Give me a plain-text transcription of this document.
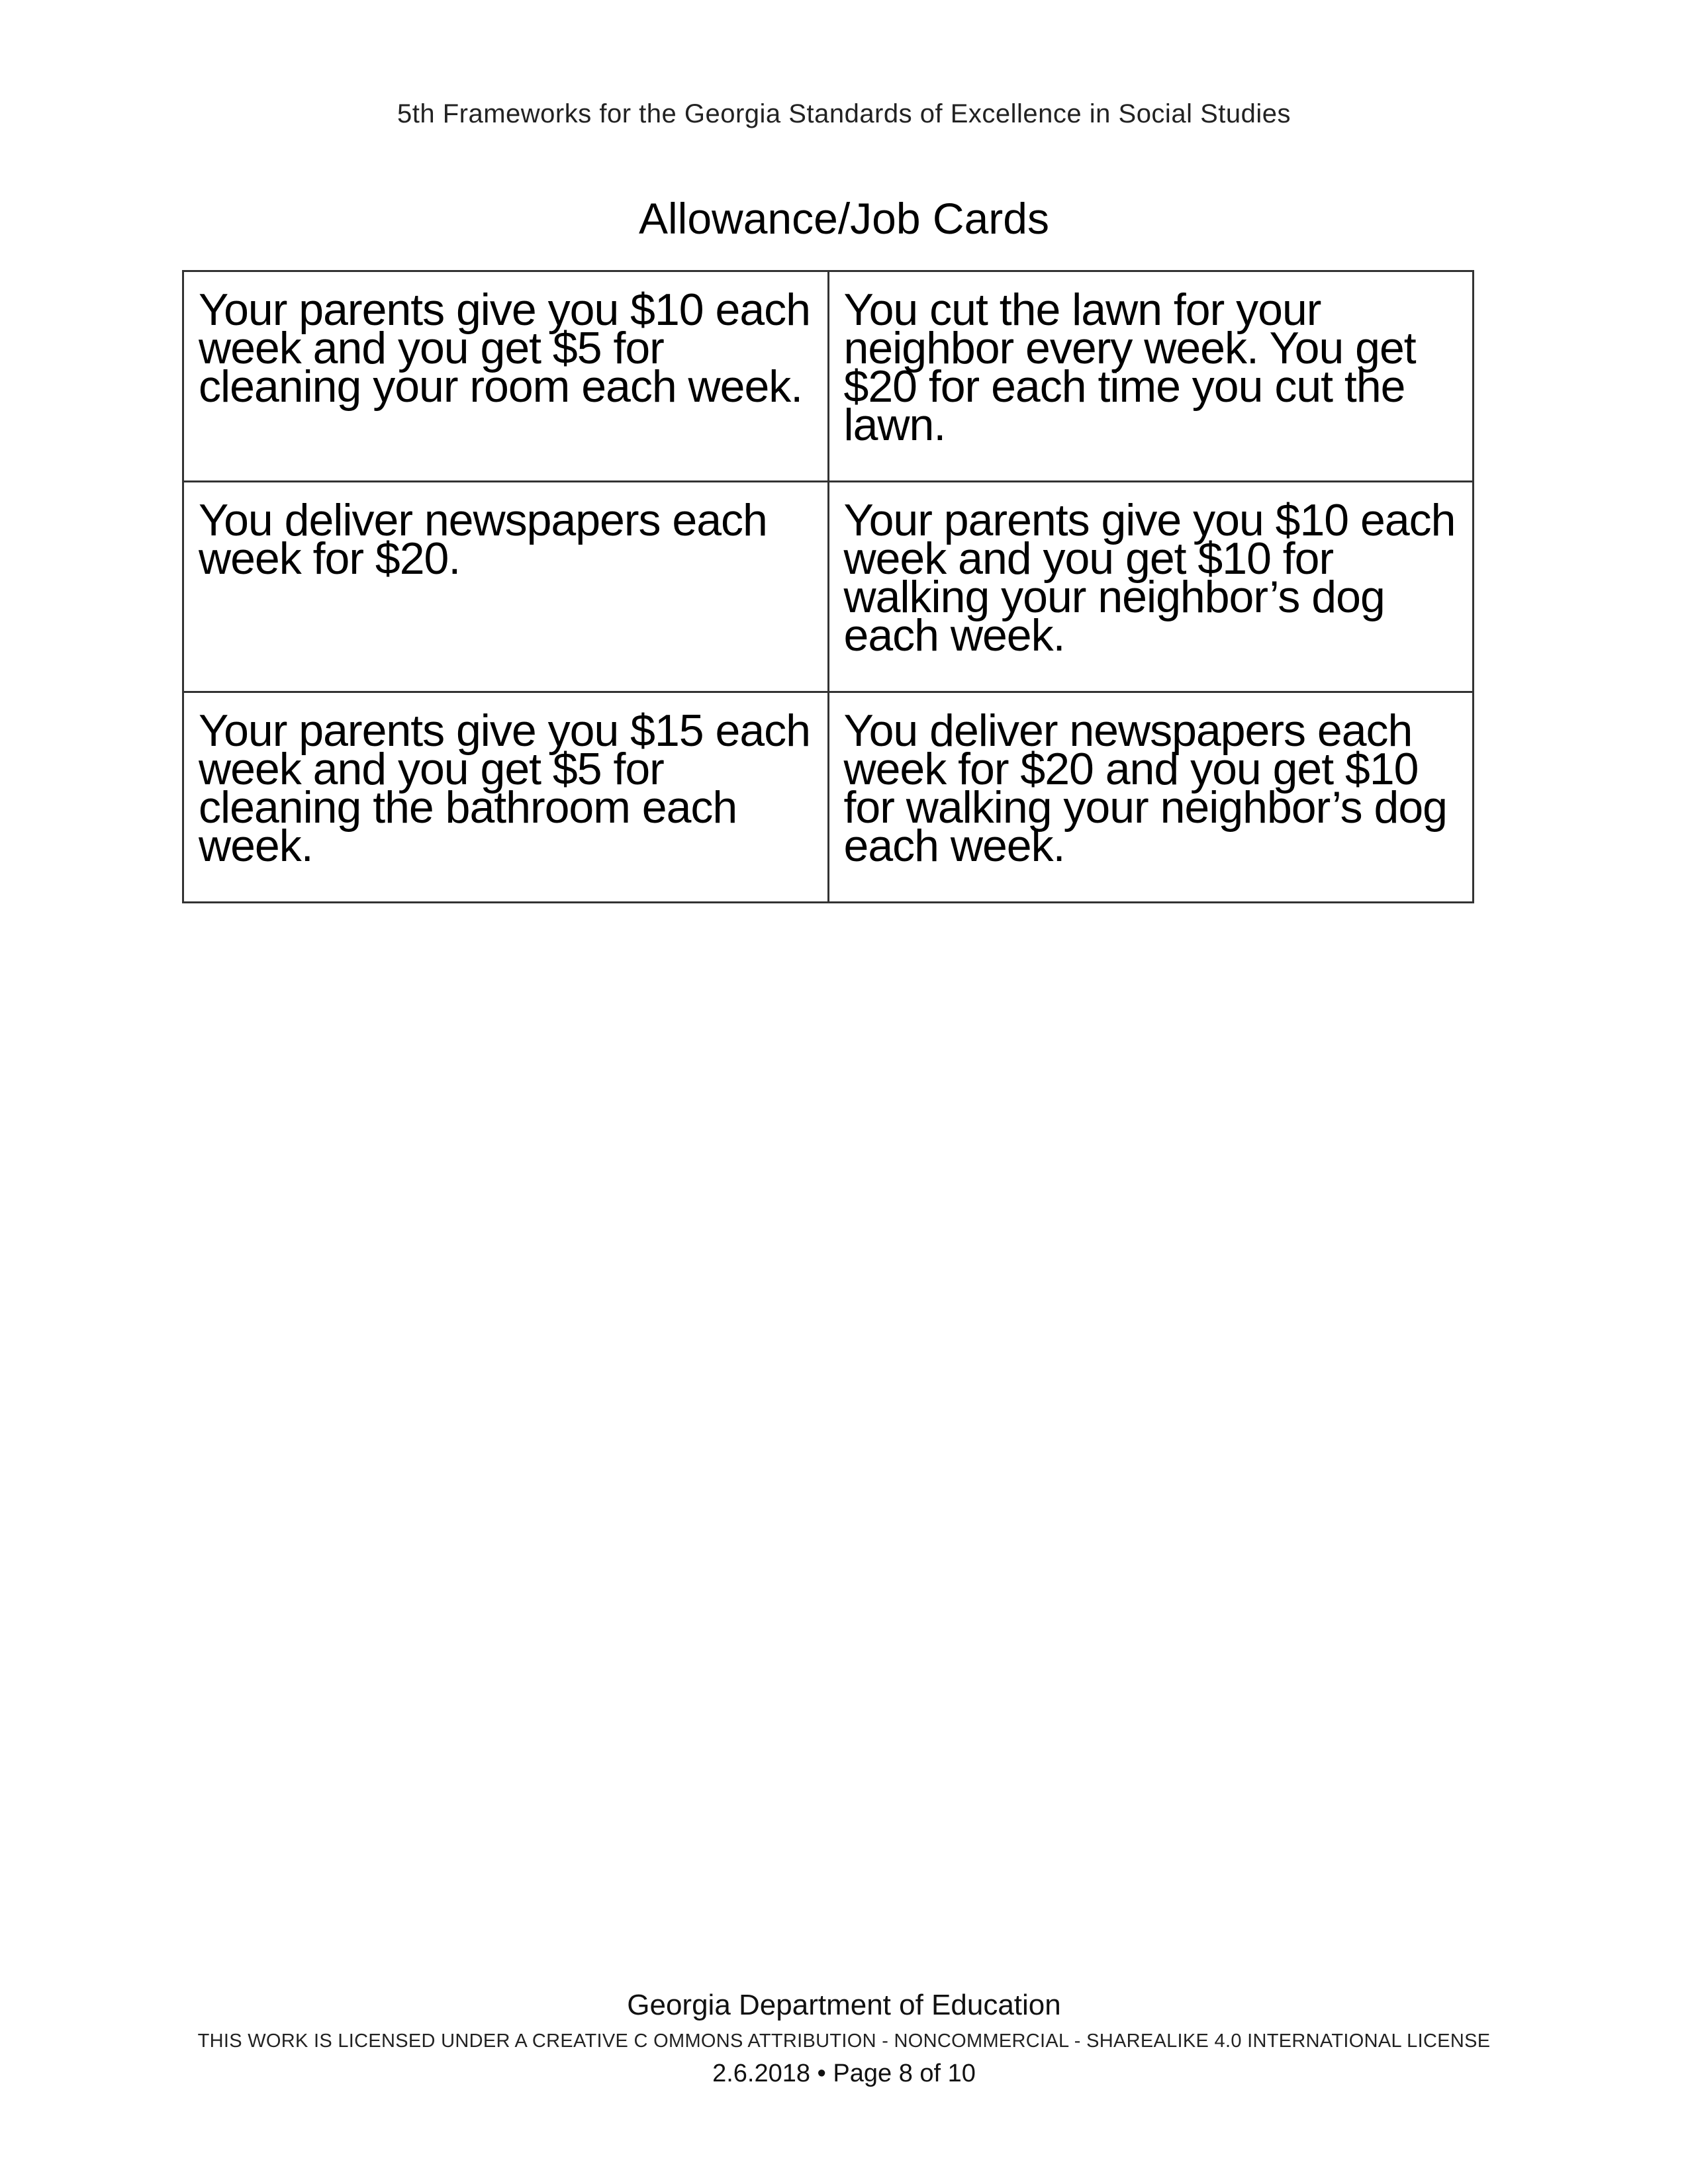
5th Frameworks for the Georgia Standards of Excellence in Social Studies
Allowance/Job Cards
Your parents give you $10 each week and you get $5 for cleaning your room each week.	You cut the lawn for your neighbor every week. You get $20 for each time you cut the lawn.
You deliver newspapers each week for $20.	Your parents give you $10 each week and you get $10 for walking your neighbor’s dog each week.
Your parents give you $15 each week and you get $5 for cleaning the bathroom each week.	You deliver newspapers each week for $20 and you get $10 for walking your neighbor’s dog each week.
Georgia Department of Education
THIS WORK IS LICENSED UNDER A CREATIVE C OMMONS ATTRIBUTION - NONCOMMERCIAL - SHAREALIKE 4.0 INTERNATIONAL LICENSE
2.6.2018 • Page 8 of 10
